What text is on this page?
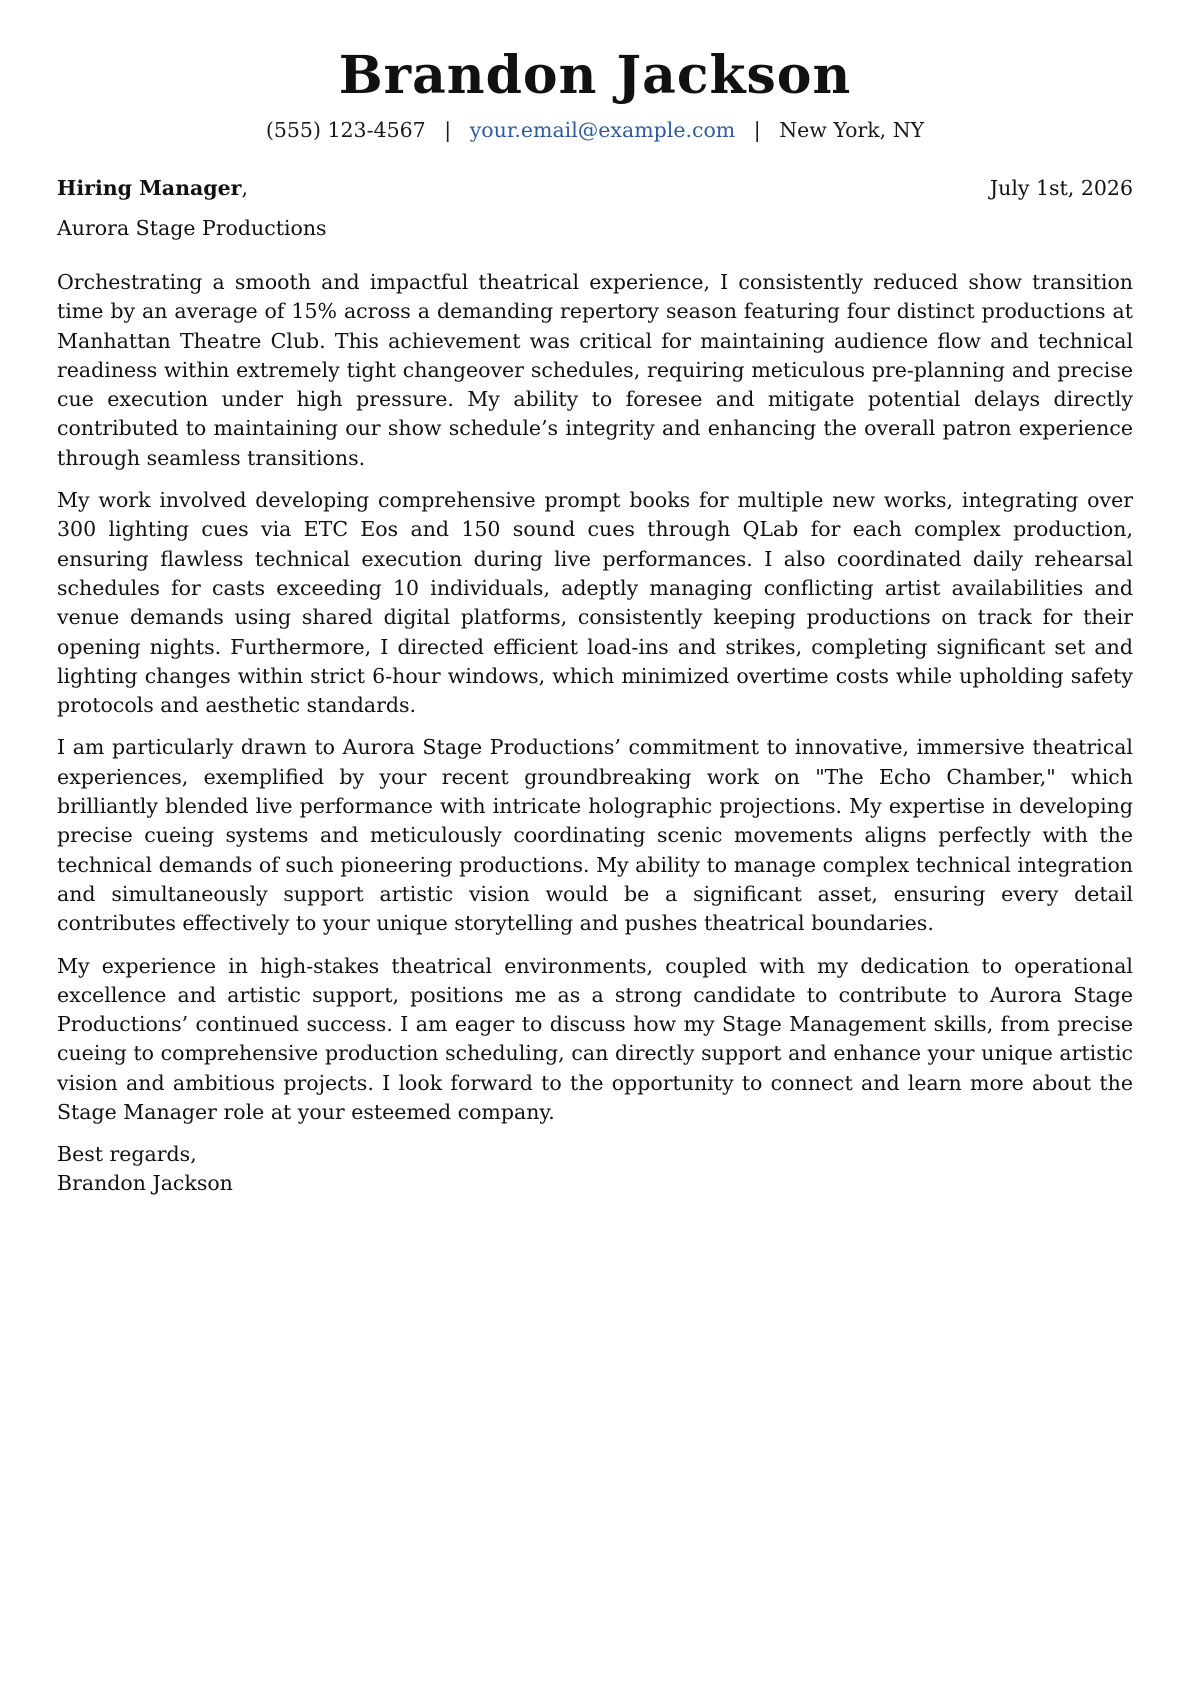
Brandon Jackson
(555) 123-4567 | your.email@example.com | New York, NY
Hiring Manager,	July 1st, 2026
Aurora Stage Productions

Orchestrating a smooth and impactful theatrical experience, I consistently reduced show transition time by an average of 15% across a demanding repertory season featuring four distinct productions at Manhattan Theatre Club. This achievement was critical for maintaining audience flow and technical readiness within extremely tight changeover schedules, requiring meticulous pre-planning and precise cue execution under high pressure. My ability to foresee and mitigate potential delays directly contributed to maintaining our show schedule’s integrity and enhancing the overall patron experience through seamless transitions.

My work involved developing comprehensive prompt books for multiple new works, integrating over 300 lighting cues via ETC Eos and 150 sound cues through QLab for each complex production, ensuring flawless technical execution during live performances. I also coordinated daily rehearsal schedules for casts exceeding 10 individuals, adeptly managing conflicting artist availabilities and venue demands using shared digital platforms, consistently keeping productions on track for their opening nights. Furthermore, I directed efficient load-ins and strikes, completing significant set and lighting changes within strict 6-hour windows, which minimized overtime costs while upholding safety protocols and aesthetic standards.

I am particularly drawn to Aurora Stage Productions’ commitment to innovative, immersive theatrical experiences, exemplified by your recent groundbreaking work on "The Echo Chamber," which brilliantly blended live performance with intricate holographic projections. My expertise in developing precise cueing systems and meticulously coordinating scenic movements aligns perfectly with the technical demands of such pioneering productions. My ability to manage complex technical integration and simultaneously support artistic vision would be a significant asset, ensuring every detail contributes effectively to your unique storytelling and pushes theatrical boundaries.

My experience in high-stakes theatrical environments, coupled with my dedication to operational excellence and artistic support, positions me as a strong candidate to contribute to Aurora Stage Productions’ continued success. I am eager to discuss how my Stage Management skills, from precise cueing to comprehensive production scheduling, can directly support and enhance your unique artistic vision and ambitious projects. I look forward to the opportunity to connect and learn more about the Stage Manager role at your esteemed company.

Best regards,
Brandon Jackson
